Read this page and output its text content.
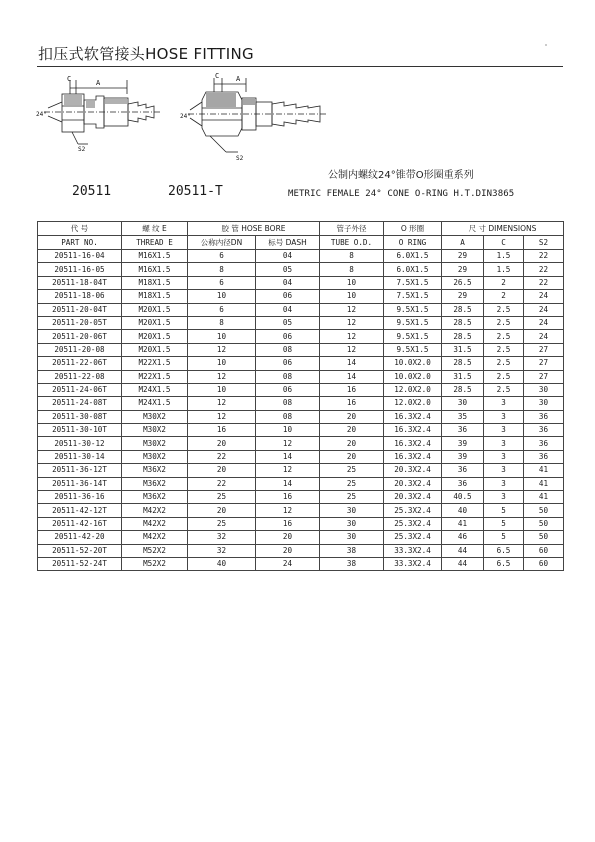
扣压式软管接头HOSE FITTING
C	A
24°
S2
C A
24°
S2
20511	20511-T
公制内螺纹24°锥带O形圈重系列
METRIC FEMALE 24° CONE O-RING H.T.DIN3865
代 号	螺 纹 E	胶 管 HOSE BORE		管子外径	O 形圈	尺 寸 DIMENSIONS		
PART NO.	THREAD E	公称内径DN	标号 DASH	TUBE O.D.	O RING	A	C	S2
20511-16-04	M16X1.5	6	04	8	6.0X1.5	29	1.5	22
20511-16-05	M16X1.5	8	05	8	6.0X1.5	29	1.5	22
20511-18-04T	M18X1.5	6	04	10	7.5X1.5	26.5	2	22
20511-18-06	M18X1.5	10	06	10	7.5X1.5	29	2	24
20511-20-04T	M20X1.5	6	04	12	9.5X1.5	28.5	2.5	24
20511-20-05T	M20X1.5	8	05	12	9.5X1.5	28.5	2.5	24
20511-20-06T	M20X1.5	10	06	12	9.5X1.5	28.5	2.5	24
20511-20-08	M20X1.5	12	08	12	9.5X1.5	31.5	2.5	27
20511-22-06T	M22X1.5	10	06	14	10.0X2.0	28.5	2.5	27
20511-22-08	M22X1.5	12	08	14	10.0X2.0	31.5	2.5	27
20511-24-06T	M24X1.5	10	06	16	12.0X2.0	28.5	2.5	30
20511-24-08T	M24X1.5	12	08	16	12.0X2.0	30	3	30
20511-30-08T	M30X2	12	08	20	16.3X2.4	35	3	36
20511-30-10T	M30X2	16	10	20	16.3X2.4	36	3	36
20511-30-12	M30X2	20	12	20	16.3X2.4	39	3	36
20511-30-14	M30X2	22	14	20	16.3X2.4	39	3	36
20511-36-12T	M36X2	20	12	25	20.3X2.4	36	3	41
20511-36-14T	M36X2	22	14	25	20.3X2.4	36	3	41
20511-36-16	M36X2	25	16	25	20.3X2.4	40.5	3	41
20511-42-12T	M42X2	20	12	30	25.3X2.4	40	5	50
20511-42-16T	M42X2	25	16	30	25.3X2.4	41	5	50
20511-42-20	M42X2	32	20	30	25.3X2.4	46	5	50
20511-52-20T	M52X2	32	20	38	33.3X2.4	44	6.5	60
20511-52-24T	M52X2	40	24	38	33.3X2.4	44	6.5	60
